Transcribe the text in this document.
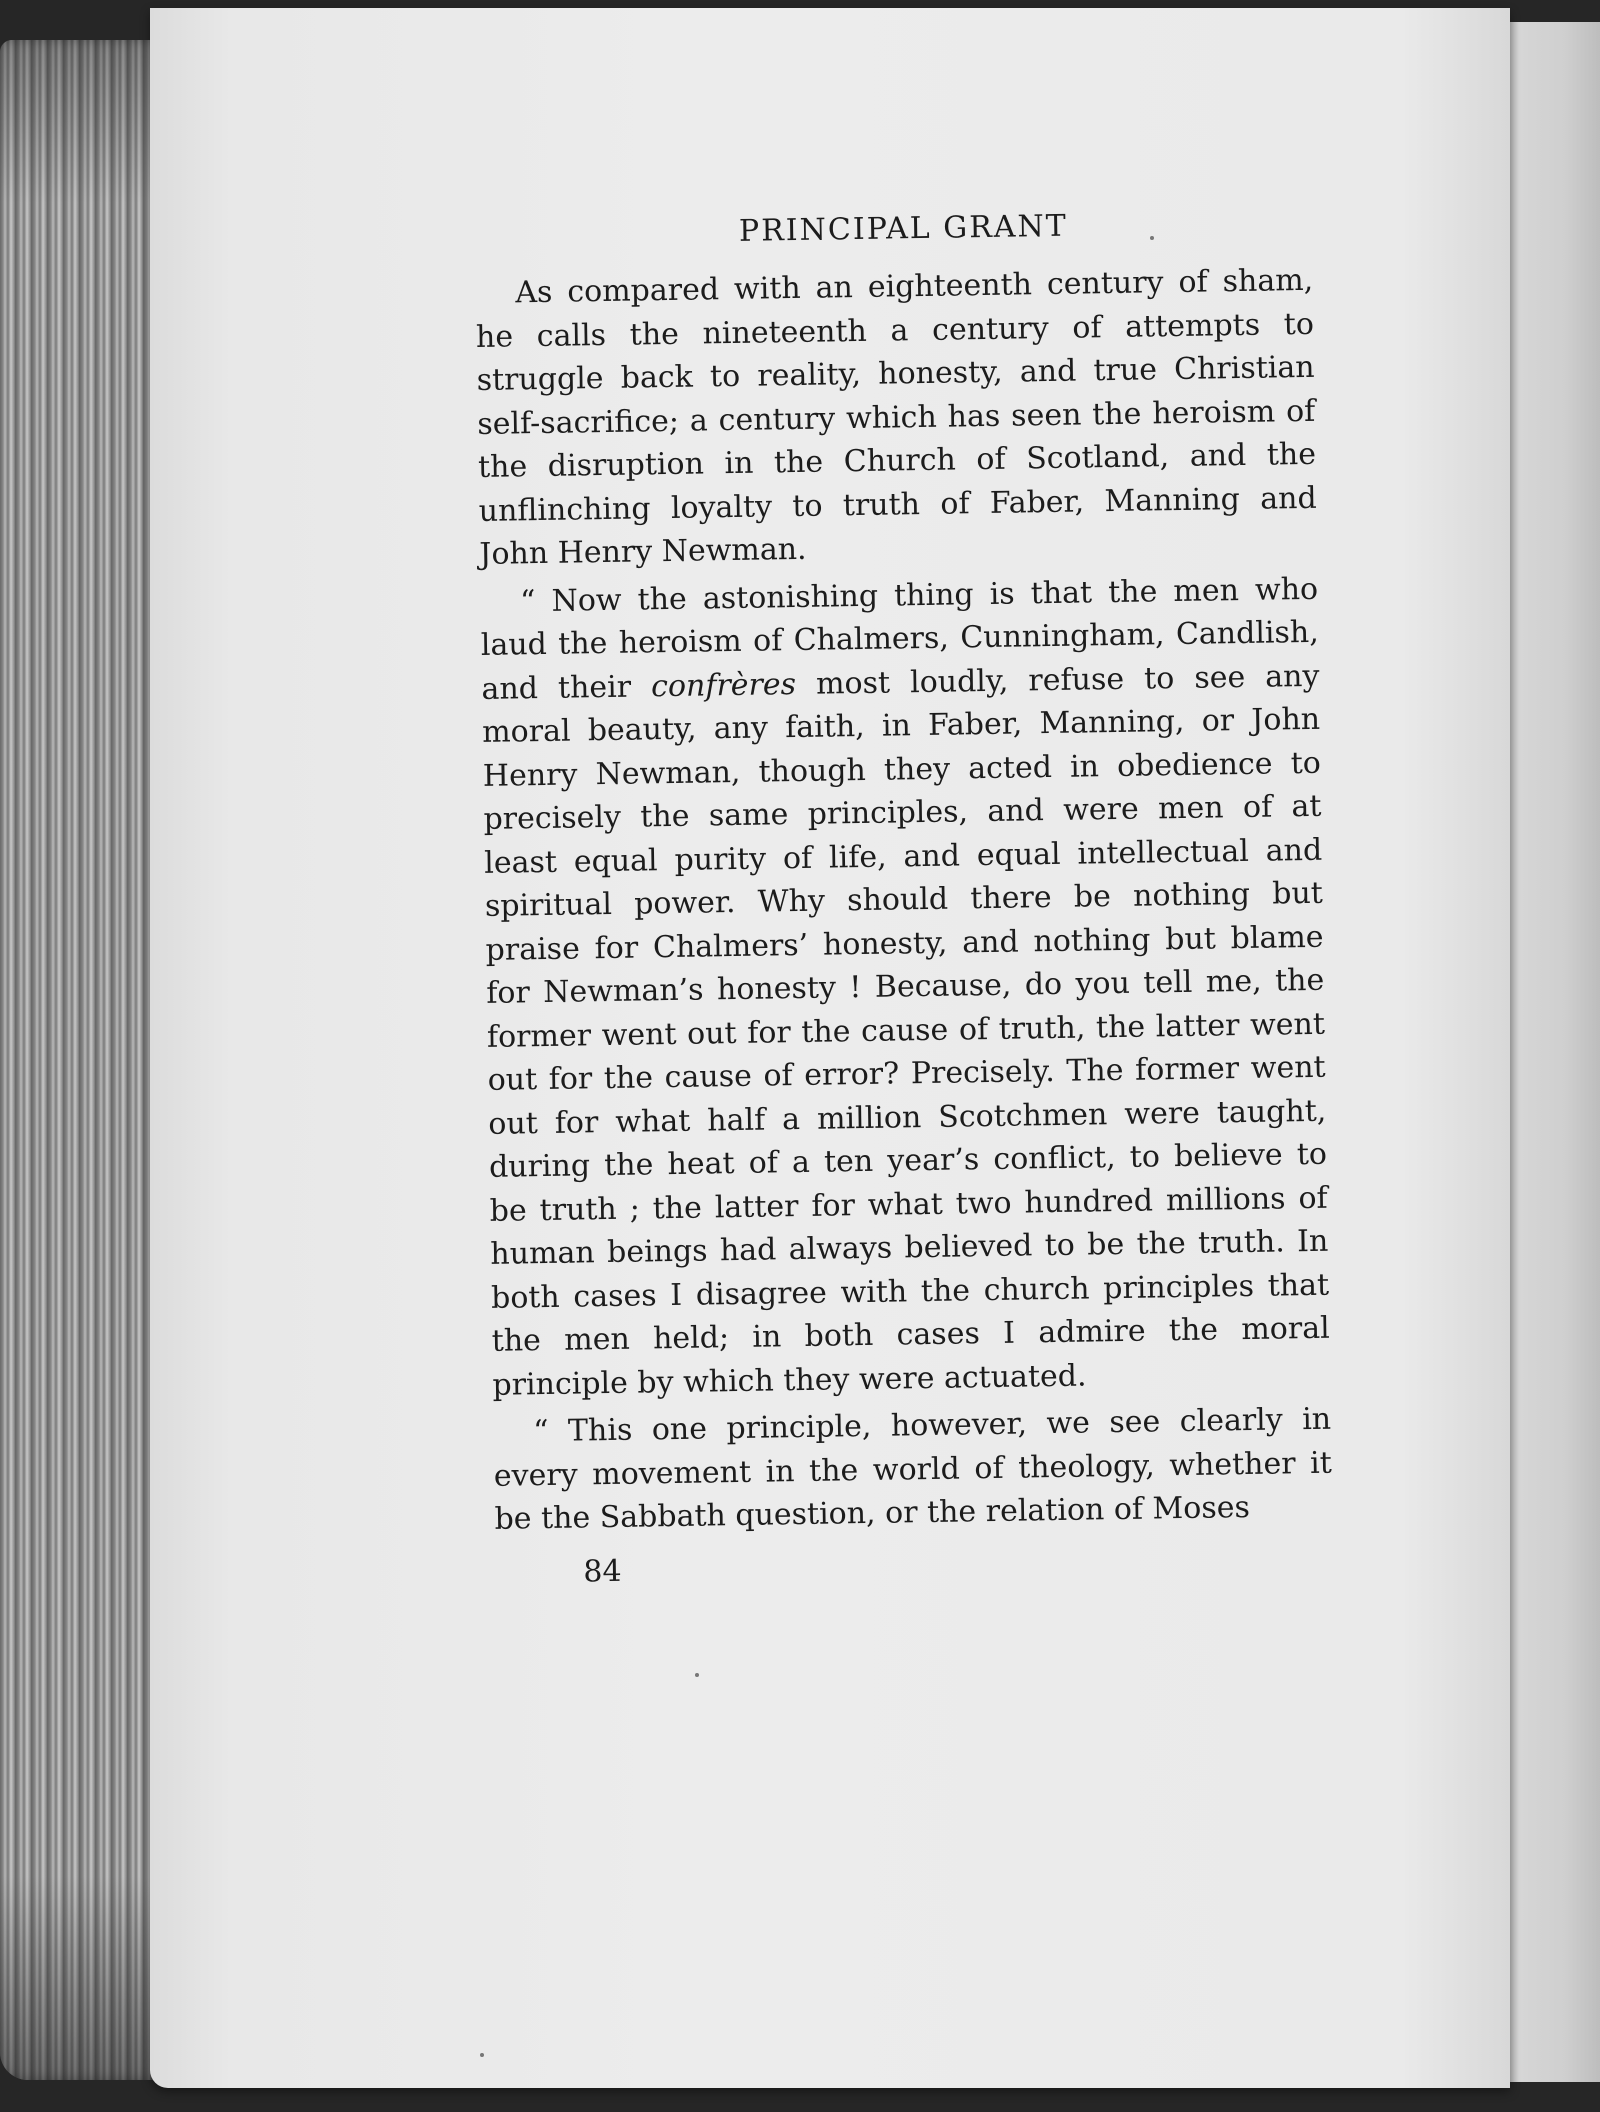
PRINCIPAL GRANT

As compared with an eighteenth century of sham, he calls the nineteenth a century of attempts to struggle back to reality, honesty, and true Christian self-sacrifice; a century which has seen the heroism of the disruption in the Church of Scotland, and the unflinching loyalty to truth of Faber, Manning and John Henry Newman.

“ Now the astonishing thing is that the men who laud the heroism of Chalmers, Cunningham, Candlish, and their confrères most loudly, refuse to see any moral beauty, any faith, in Faber, Manning, or John Henry Newman, though they acted in obedience to precisely the same principles, and were men of at least equal purity of life, and equal intellectual and spiritual power. Why should there be nothing but praise for Chalmers’ honesty, and nothing but blame for Newman’s honesty ! Because, do you tell me, the former went out for the cause of truth, the latter went out for the cause of error? Precisely. The former went out for what half a million Scotchmen were taught, during the heat of a ten year’s conflict, to believe to be truth ; the latter for what two hundred millions of human beings had always believed to be the truth. In both cases I disagree with the church principles that the men held; in both cases I admire the moral principle by which they were actuated.

“ This one principle, however, we see clearly in every movement in the world of theology, whether it be the Sabbath question, or the relation of Moses

84
